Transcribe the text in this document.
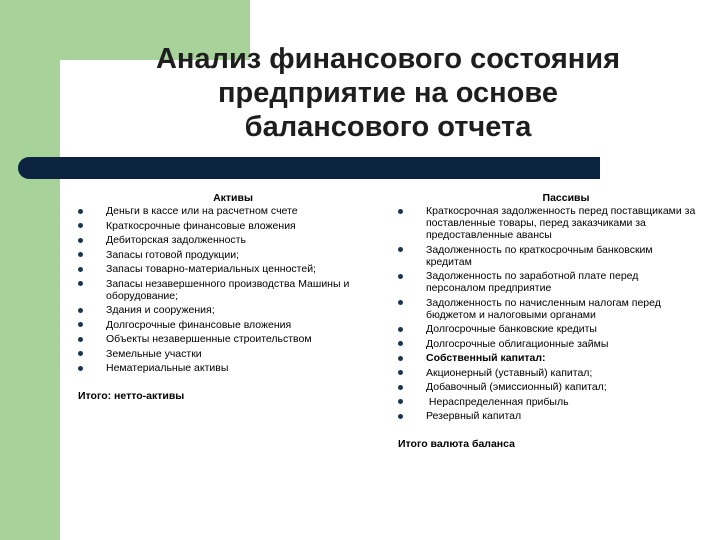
Анализ финансового состояния
предприятие на основе
балансового отчета
Активы
Деньги в кассе или на расчетном счете
Краткосрочные финансовые вложения
Дебиторская задолженность
Запасы готовой продукции;
Запасы товарно-материальных ценностей;
Запасы незавершенного производства Машины и оборудование;
Здания и сооружения;
Долгосрочные финансовые вложения
Объекты незавершенные строительством
Земельные участки
Нематериальные активы
Итого: нетто-активы
Пассивы
Краткосрочная задолженность перед поставщиками за поставленные товары, перед заказчиками за предоставленные авансы
Задолженность по краткосрочным банковским кредитам
Задолженность по заработной плате перед персоналом предприятие
Задолженность по начисленным налогам перед бюджетом и налоговыми органами
Долгосрочные банковские кредиты
Долгосрочные облигационные займы
Собственный капитал:
Акционерный (уставный) капитал;
Добавочный (эмиссионный) капитал;
Нераспределенная прибыль
Резервный капитал
Итого валюта баланса
